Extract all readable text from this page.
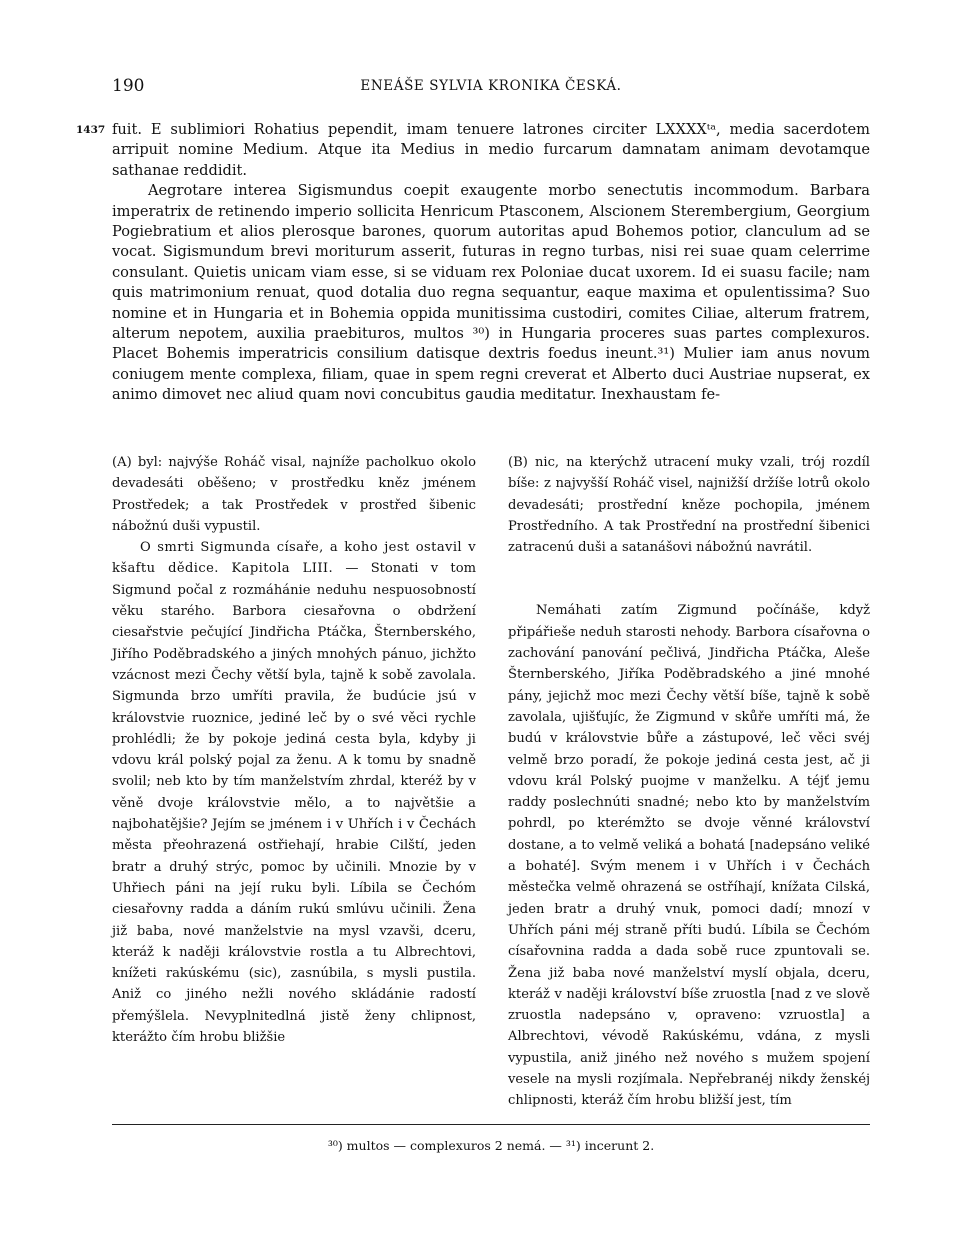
190	ENEÁŠE SYLVIA KRONIKA ČESKÁ.
1437 fuit. E sublimiori Rohatius pependit, imam tenuere latrones circiter LXXXXᵗᵃ, media sacerdotem arripuit nomine Medium. Atque ita Medius in medio furcarum damnatam animam devotamque sathanae reddidit.

Aegrotare interea Sigismundus coepit exaugente morbo senectutis incommodum. Barbara imperatrix de retinendo imperio sollicita Henricum Ptasconem, Alscionem Sterembergium, Georgium Pogiebratium et alios plerosque barones, quorum autoritas apud Bohemos potior, clanculum ad se vocat. Sigismundum brevi moriturum asserit, futuras in regno turbas, nisi rei suae quam celerrime consulant. Quietis unicam viam esse, si se viduam rex Poloniae ducat uxorem. Id ei suasu facile; nam quis matrimonium renuat, quod dotalia duo regna sequantur, eaque maxima et opulentissima? Suo nomine et in Hungaria et in Bohemia oppida munitissima custodiri, comites Ciliae, alterum fratrem, alterum nepotem, auxilia praebituros, multos ³⁰) in Hungaria proceres suas partes complexuros. Placet Bohemis imperatricis consilium datisque dextris foedus ineunt.³¹) Mulier iam anus novum coniugem mente complexa, filiam, quae in spem regni creverat et Alberto duci Austriae nupserat, ex animo dimovet nec aliud quam novi concubitus gaudia meditatur. Inexhaustam fe-

(A) byl: najvýše Roháč visal, najníže pacholkuo okolo devadesáti oběšeno; v prostředku kněz jménem Prostředek; a tak Prostředek v prostřed šibenic nábožnú duši vypustil.

O smrti Sigmunda císaře, a koho jest ostavil v kšaftu dědice. Kapitola LIII. — Stonati v tom Sigmund počal z rozmáhánie neduhu nespuosobností věku starého. Barbora ciesařovna o obdržení ciesařstvie pečující Jindřicha Ptáčka, Šternberského, Jiřího Poděbradského a jiných mnohých pánuo, jichžto vzácnost mezi Čechy větší byla, tajně k sobě zavolala. Sigmunda brzo umříti pravila, že budúcie jsú v královstvie ruoznice, jediné leč by o své věci rychle prohlédli; že by pokoje jediná cesta byla, kdyby ji vdovu král polský pojal za ženu. A k tomu by snadně svolil; neb kto by tím manželstvím zhrdal, kteréž by v věně dvoje královstvie mělo, a to najvětšie a najbohatějšie? Jejím se jménem i v Uhřích i v Čechách města přeohrazená ostřiehají, hrabie Cilští, jeden bratr a druhý strýc, pomoc by učinili. Mnozie by v Uhřiech páni na její ruku byli. Líbila se Čechóm ciesařovny radda a dáním rukú smlúvu učinili. Žena již baba, nové manželstvie na mysl vzavši, dceru, kteráž k naději královstvie rostla a tu Albrechtovi, knížeti rakúskému (sic), zasnúbila, s mysli pustila. Aniž co jiného nežli nového skládánie radostí přemýšlela. Nevyplnitedlná jistě ženy chlipnost, kterážto čím hrobu bližšie

(B) nic, na kterýchž utracení muky vzali, trój rozdíl bíše: z najvyšší Roháč visel, najnižší držíše lotrů okolo devadesáti; prostřední kněze pochopila, jménem Prostředního. A tak Prostřední na prostřední šibenici zatracenú duši a satanášovi nábožnú navrátil.

Nemáhati zatím Zigmund počínáše, když připářieše neduh starosti nehody. Barbora císařovna o zachování panování pečlivá, Jindřicha Ptáčka, Aleše Šternberského, Jiříka Poděbradského a jiné mnohé pány, jejichž moc mezi Čechy větší bíše, tajně k sobě zavolala, ujišťujíc, že Zigmund v skůře umříti má, že budú v královstvie bůře a zástupové, leč věci svéj velmě brzo poradí, že pokoje jediná cesta jest, ač ji vdovu král Polský puojme v manželku. A téjť jemu raddy poslechnúti snadné; nebo kto by manželstvím pohrdl, po kterémžto se dvoje věnné království dostane, a to velmě veliká a bohatá [nadepsáno veliké a bohaté]. Svým menem i v Uhřích i v Čechách městečka velmě ohrazená se ostříhají, knížata Cilská, jeden bratr a druhý vnuk, pomoci dadí; mnozí v Uhřích páni méj straně příti budú. Líbila se Čechóm císařovnina radda a dada sobě ruce zpuntovali se. Žena již baba nové manželství myslí objala, dceru, kteráž v naději království bíše zruostla [nad z ve slově zruostla nadepsáno v, opraveno: vzruostla] a Albrechtovi, vévodě Rakúskému, vdána, z mysli vypustila, aniž jiného než nového s mužem spojení vesele na mysli rozjímala. Nepřebranéj nikdy ženskéj chlipnosti, kteráž čím hrobu bližší jest, tím

³⁰) multos — complexuros 2 nemá. — ³¹) incerunt 2.
